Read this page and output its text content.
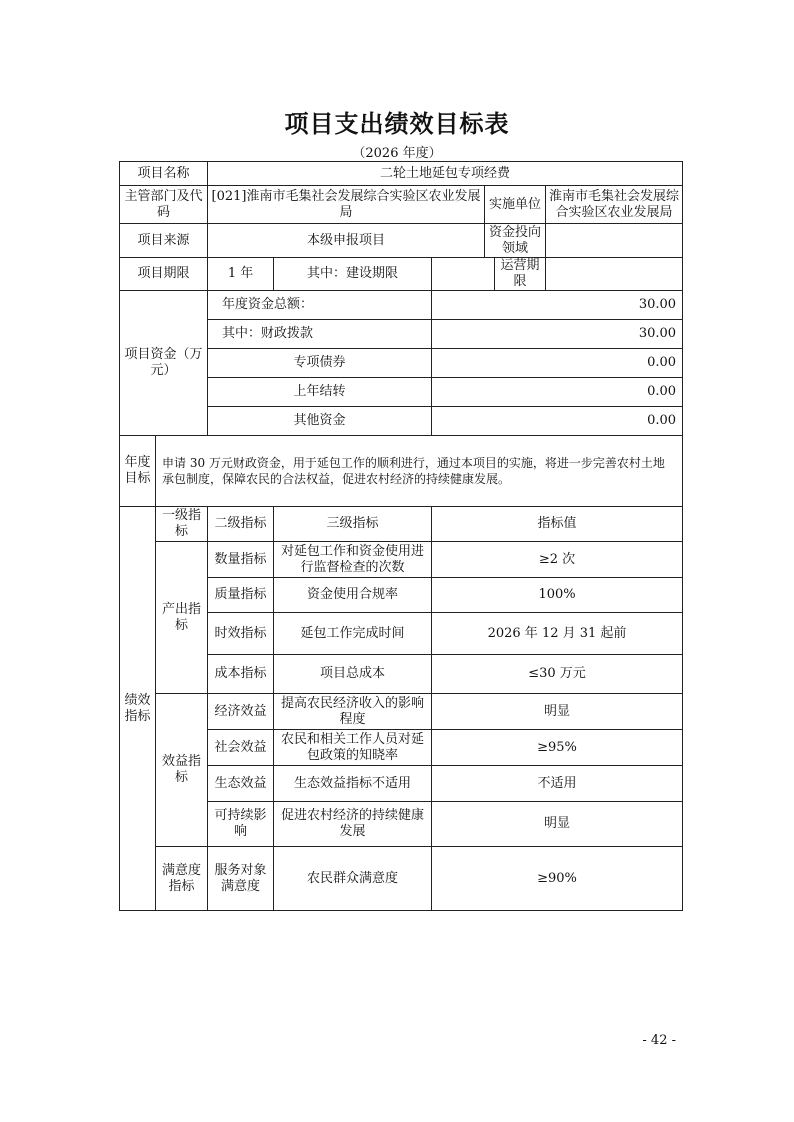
项目支出绩效目标表
（2026 年度）
项目名称		二轮土地延包专项经费					
主管部门及代码		[021]淮南市毛集社会发展综合实验区农业发展局			实施单位		淮南市毛集社会发展综合实验区农业发展局
项目来源		本级申报项目			资金投向领域		
项目期限		1 年	其中：建设期限			运营期限	
项目资金（万元）		年度资金总额：		30.00			
		其中：财政拨款		30.00			
		专项债券		0.00			
		上年结转		0.00			
		其他资金		0.00			
年度目标	申请 30 万元财政资金，用于延包工作的顺利进行，通过本项目的实施，将进一步完善农村土地承包制度，保障农民的合法权益，促进农村经济的持续健康发展。						
绩效指标	一级指标	二级指标	三级指标	指标值			
	产出指标	数量指标	对延包工作和资金使用进行监督检查的次数	≥2 次			
		质量指标	资金使用合规率	100%			
		时效指标	延包工作完成时间	2026 年 12 月 31 起前			
		成本指标	项目总成本	≤30 万元			
	效益指标	经济效益	提高农民经济收入的影响程度	明显			
		社会效益	农民和相关工作人员对延包政策的知晓率	≥95%			
		生态效益	生态效益指标不适用	不适用			
		可持续影响	促进农村经济的持续健康发展	明显			
	满意度指标	服务对象满意度	农民群众满意度	≥90%			
- 42 -
